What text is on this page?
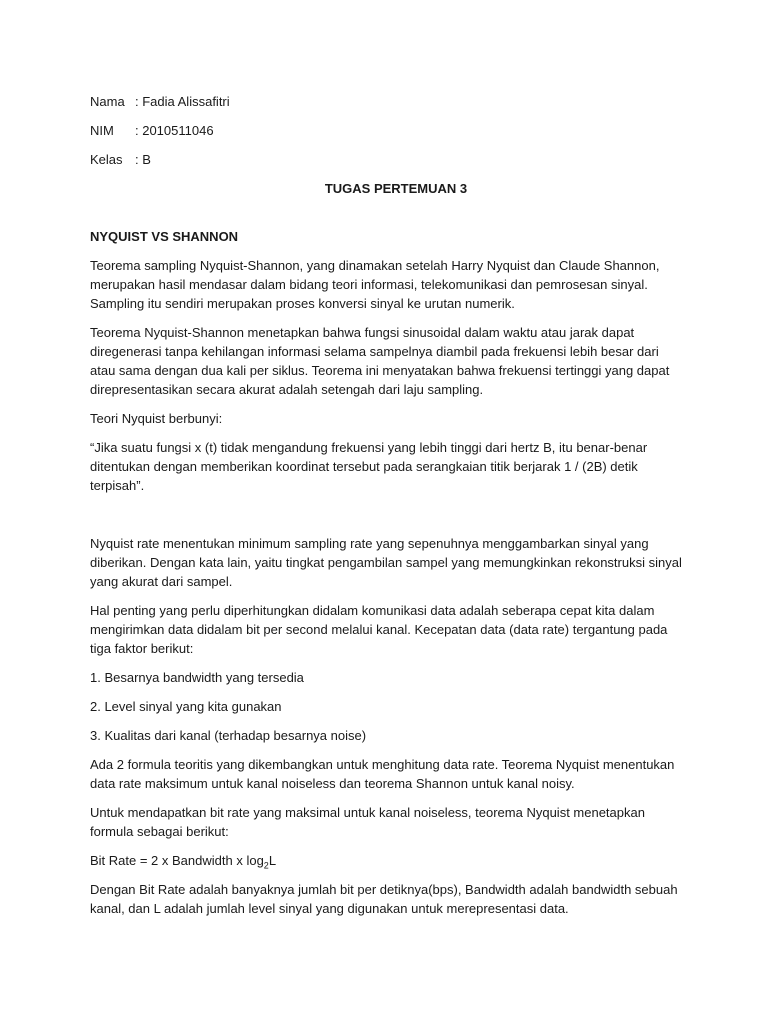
Nama : Fadia Alissafitri
NIM	: 2010511046
Kelas : B
TUGAS PERTEMUAN 3
NYQUIST VS SHANNON

Teorema sampling Nyquist-Shannon, yang dinamakan setelah Harry Nyquist dan Claude Shannon, merupakan hasil mendasar dalam bidang teori informasi, telekomunikasi dan pemrosesan sinyal. Sampling itu sendiri merupakan proses konversi sinyal ke urutan numerik.

Teorema Nyquist-Shannon menetapkan bahwa fungsi sinusoidal dalam waktu atau jarak dapat diregenerasi tanpa kehilangan informasi selama sampelnya diambil pada frekuensi lebih besar dari atau sama dengan dua kali per siklus. Teorema ini menyatakan bahwa frekuensi tertinggi yang dapat direpresentasikan secara akurat adalah setengah dari laju sampling.

Teori Nyquist berbunyi:

“Jika suatu fungsi x (t) tidak mengandung frekuensi yang lebih tinggi dari hertz B, itu benar-benar ditentukan dengan memberikan koordinat tersebut pada serangkaian titik berjarak 1 / (2B) detik terpisah”.

Nyquist rate menentukan minimum sampling rate yang sepenuhnya menggambarkan sinyal yang diberikan. Dengan kata lain, yaitu tingkat pengambilan sampel yang memungkinkan rekonstruksi sinyal yang akurat dari sampel.

Hal penting yang perlu diperhitungkan didalam komunikasi data adalah seberapa cepat kita dalam mengirimkan data didalam bit per second melalui kanal. Kecepatan data (data rate) tergantung pada tiga faktor berikut:

1. Besarnya bandwidth yang tersedia

2. Level sinyal yang kita gunakan

3. Kualitas dari kanal (terhadap besarnya noise)

Ada 2 formula teoritis yang dikembangkan untuk menghitung data rate. Teorema Nyquist menentukan data rate maksimum untuk kanal noiseless dan teorema Shannon untuk kanal noisy.

Untuk mendapatkan bit rate yang maksimal untuk kanal noiseless, teorema Nyquist menetapkan formula sebagai berikut:

Bit Rate = 2 x Bandwidth x $\log_2L$

Dengan Bit Rate adalah banyaknya jumlah bit per detiknya(bps), Bandwidth adalah bandwidth sebuah kanal, dan L adalah jumlah level sinyal yang digunakan untuk merepresentasi data.
